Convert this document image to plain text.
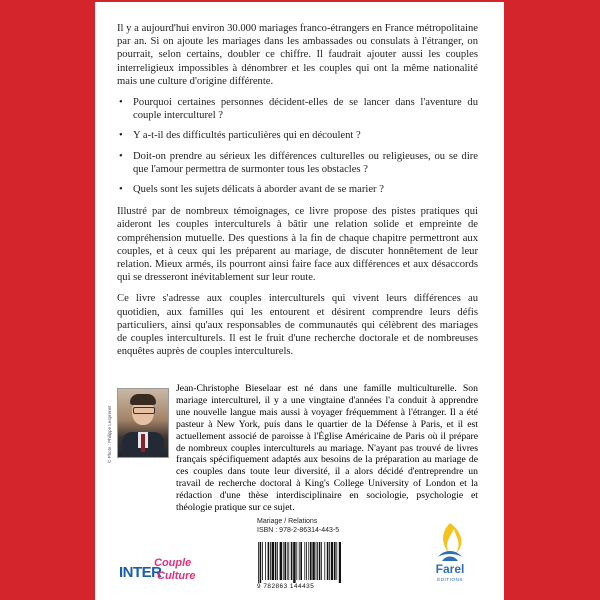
Il y a aujourd'hui environ 30.000 mariages franco-étrangers en France métropolitaine par an. Si on ajoute les mariages dans les ambassades ou consulats à l'étranger, on pourrait, selon certains, doubler ce chiffre. Il faudrait ajouter aussi les couples interreligieux impossibles à dénombrer et les couples qui ont la même nationalité mais une culture d'origine différente.

• Pourquoi certaines personnes décident-elles de se lancer dans l'aventure du couple interculturel ?
• Y a-t-il des difficultés particulières qui en découlent ?
• Doit-on prendre au sérieux les différences culturelles ou religieuses, ou se dire que l'amour permettra de surmonter tous les obstacles ?
• Quels sont les sujets délicats à aborder avant de se marier ?

Illustré par de nombreux témoignages, ce livre propose des pistes pratiques qui aideront les couples interculturels à bâtir une relation solide et empreinte de compréhension mutuelle. Des questions à la fin de chaque chapitre permettront aux couples, et à ceux qui les préparent au mariage, de discuter honnêtement de leur relation. Mieux armés, ils pourront ainsi faire face aux différences et aux désaccords qui se dresseront inévitablement sur leur route.

Ce livre s'adresse aux couples interculturels qui vivent leurs différences au quotidien, aux familles qui les entourent et désirent comprendre leurs défis particuliers, ainsi qu'aux responsables de communautés qui célèbrent des mariages de couples interculturels. Il est le fruit d'une recherche doctorale et de nombreuses enquêtes auprès de couples interculturels.

© Photo : Philippe Lesprenet

Jean-Christophe Bieselaar est né dans une famille multiculturelle. Son mariage interculturel, il y a une vingtaine d'années l'a conduit à apprendre une nouvelle langue mais aussi à voyager fréquemment à l'étranger. Il a été pasteur à New York, puis dans le quartier de la Défense à Paris, et il est actuellement associé de paroisse à l'Église Américaine de Paris où il prépare de nombreux couples interculturels au mariage. N'ayant pas trouvé de livres français spécifiquement adaptés aux besoins de la préparation au mariage de ces couples dans toute leur diversité, il a alors décidé d'entreprendre un travail de recherche doctoral à King's College University of London et la rédaction d'une thèse interdisciplinaire en sociologie, psychologie et théologie pratique sur ce sujet.

INTER
Couple
Culture
Mariage / Relations
ISBN : 978-2-86314-443-5
9 782863 144435
Farel
ÉDITIONS
